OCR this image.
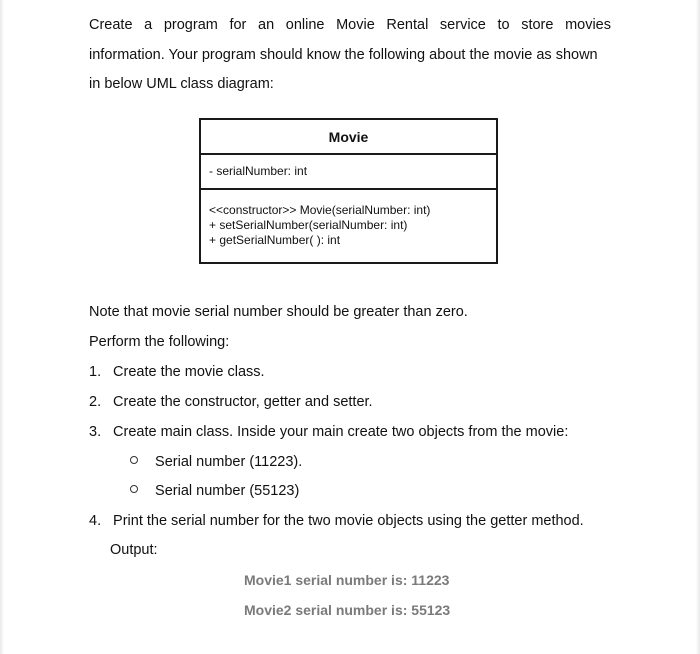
Create a program for an online Movie Rental service to store movies
information. Your program should know the following about the movie as shown
in below UML class diagram:
Movie
- serialNumber: int
<<constructor>> Movie(serialNumber: int)
+ setSerialNumber(serialNumber: int)
+ getSerialNumber( ): int
Note that movie serial number should be greater than zero.
Perform the following:
1. Create the movie class.
2. Create the constructor, getter and setter.
3. Create main class. Inside your main create two objects from the movie:
Serial number (11223).
Serial number (55123)
4. Print the serial number for the two movie objects using the getter method.
Output:
Movie1 serial number is: 11223
Movie2 serial number is: 55123
